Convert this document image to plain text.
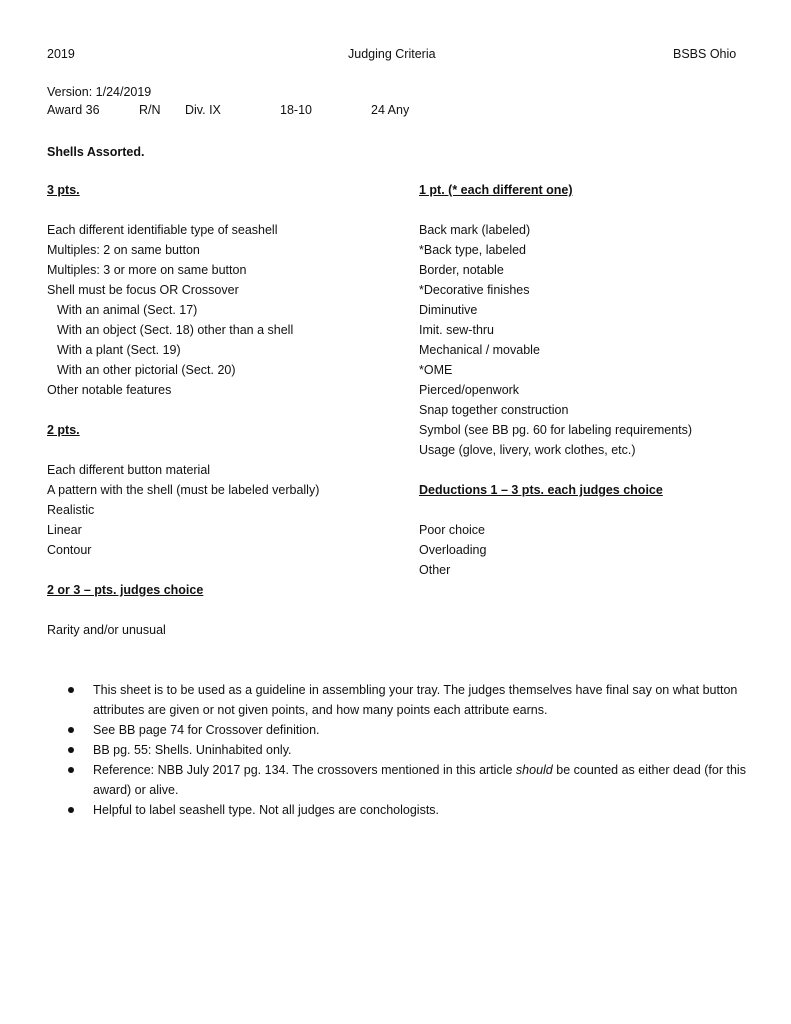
2019	Judging Criteria	BSBS Ohio
Version: 1/24/2019
Award 36	R/N Div. IX	18-10	24 Any
Shells Assorted.
3 pts.

Each different identifiable type of seashell
Multiples: 2 on same button
Multiples: 3 or more on same button
Shell must be focus OR Crossover
With an animal (Sect. 17)
With an object (Sect. 18) other than a shell
With a plant (Sect. 19)
With an other pictorial (Sect. 20)
Other notable features

2 pts.

Each different button material
A pattern with the shell (must be labeled verbally)
Realistic
Linear
Contour

2 or 3 – pts. judges choice

Rarity and/or unusual
1 pt. (* each different one)

Back mark (labeled)
*Back type, labeled
Border, notable
*Decorative finishes
Diminutive
Imit. sew-thru
Mechanical / movable
*OME
Pierced/openwork
Snap together construction
Symbol (see BB pg. 60 for labeling requirements)
Usage (glove, livery, work clothes, etc.)

Deductions 1 – 3 pts. each judges choice

Poor choice
Overloading
Other
This sheet is to be used as a guideline in assembling your tray. The judges themselves have final say on what button attributes are given or not given points, and how many points each attribute earns.
See BB page 74 for Crossover definition.
BB pg. 55: Shells. Uninhabited only.
Reference: NBB July 2017 pg. 134. The crossovers mentioned in this article should be counted as either dead (for this award) or alive.
Helpful to label seashell type. Not all judges are conchologists.
